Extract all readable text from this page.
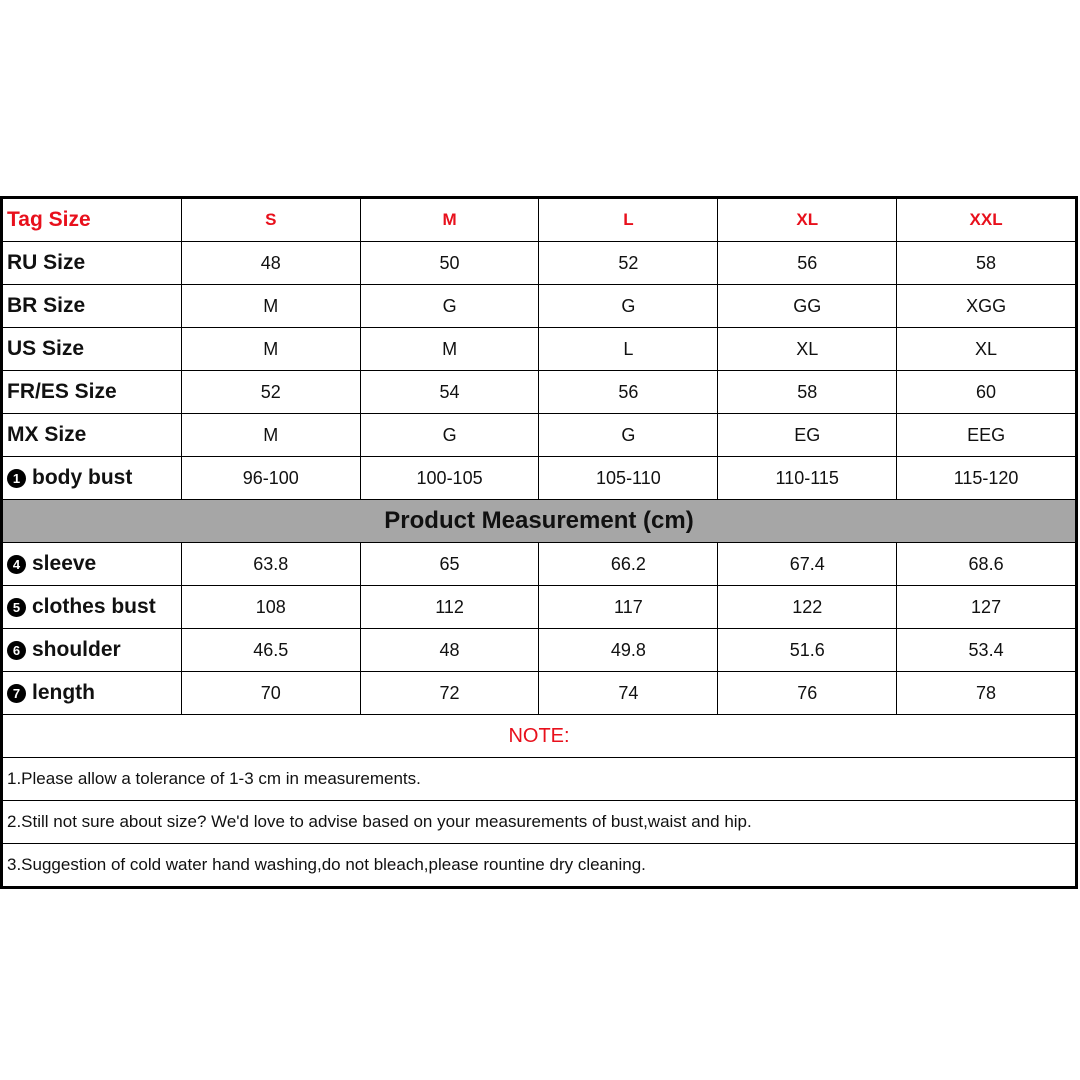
Tag Size	S	M	L	XL	XXL
RU Size	48	50	52	56	58
BR Size	M	G	G	GG	XGG
US Size	M	M	L	XL	XL
FR/ES Size	52	54	56	58	60
MX Size	M	G	G	EG	EEG
1 body bust	96-100	100-105	105-110	110-115	115-120
Product Measurement (cm)					
4 sleeve	63.8	65	66.2	67.4	68.6
5 clothes bust	108	112	117	122	127
6 shoulder	46.5	48	49.8	51.6	53.4
7 length	70	72	74	76	78
NOTE:					
1.Please allow a tolerance of 1-3 cm in measurements.					
2.Still not sure about size? We'd love to advise based on your measurements of bust,waist and hip.					
3.Suggestion of cold water hand washing,do not bleach,please rountine dry cleaning.					
